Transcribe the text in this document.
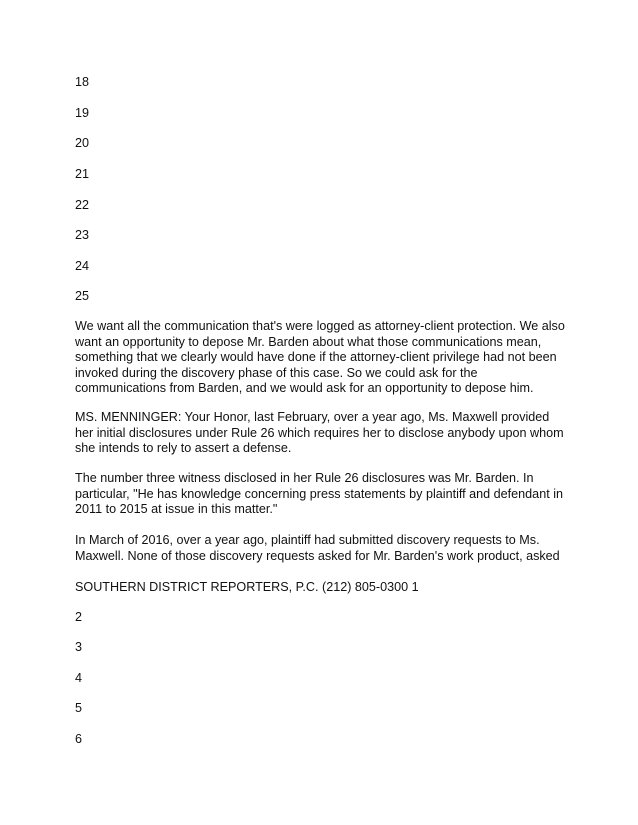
18

19

20

21

22

23

24

25

We want all the communication that's were logged as attorney-client protection. We also want an opportunity to depose Mr. Barden about what those communications mean, something that we clearly would have done if the attorney-client privilege had not been invoked during the discovery phase of this case. So we could ask for the communications from Barden, and we would ask for an opportunity to depose him.

MS. MENNINGER: Your Honor, last February, over a year ago, Ms. Maxwell provided her initial disclosures under Rule 26 which requires her to disclose anybody upon whom she intends to rely to assert a defense.

The number three witness disclosed in her Rule 26 disclosures was Mr. Barden. In particular, "He has knowledge concerning press statements by plaintiff and defendant in 2011 to 2015 at issue in this matter."

In March of 2016, over a year ago, plaintiff had submitted discovery requests to Ms. Maxwell. None of those discovery requests asked for Mr. Barden's work product, asked

SOUTHERN DISTRICT REPORTERS, P.C. (212) 805-0300 1

2

3

4

5

6
